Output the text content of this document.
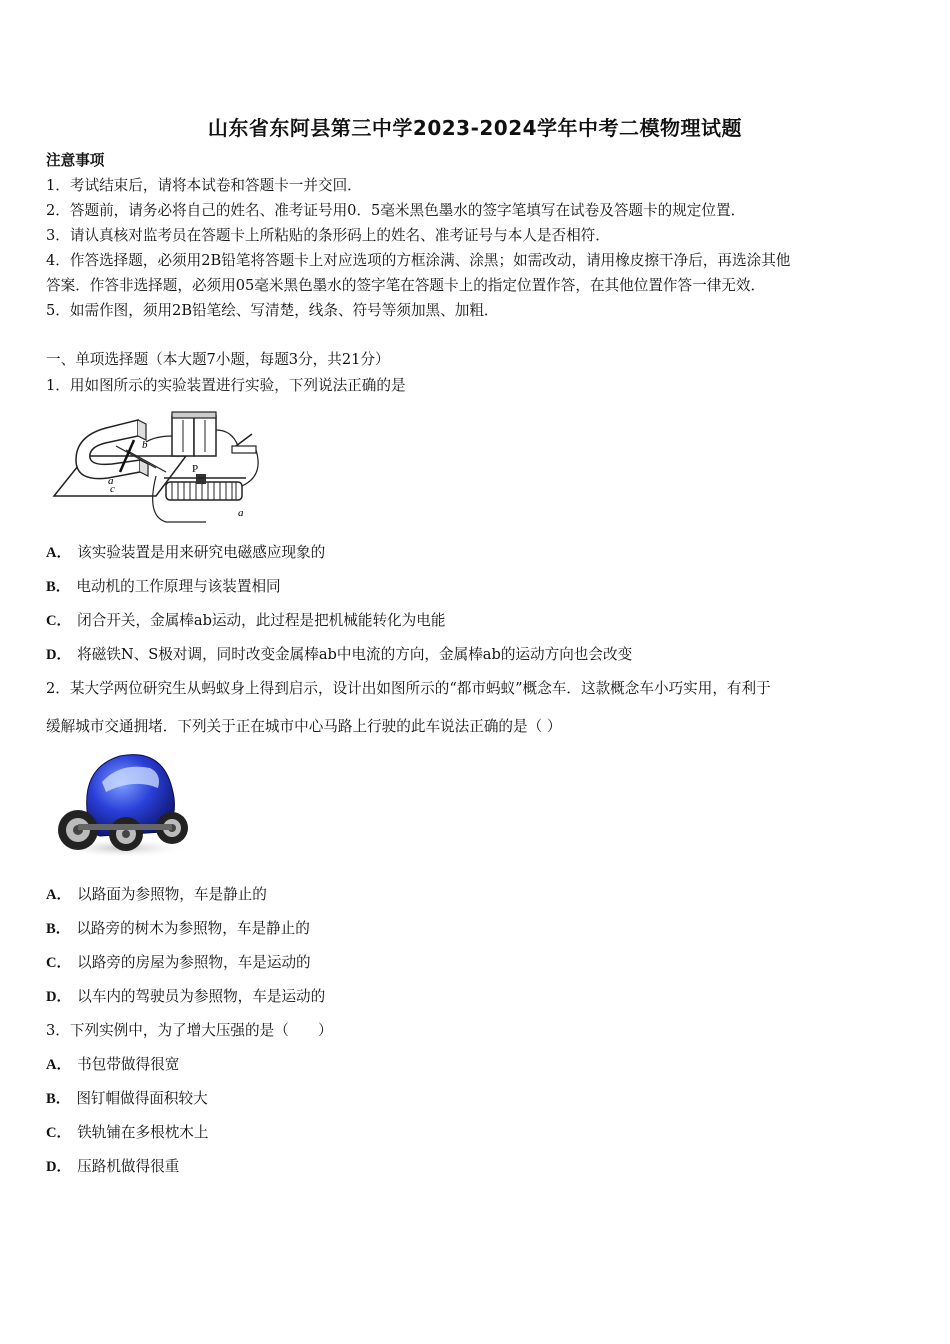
山东省东阿县第三中学2023-2024学年中考二模物理试题
注意事项
1．考试结束后，请将本试卷和答题卡一并交回．
2．答题前，请务必将自己的姓名、准考证号用0．5毫米黑色墨水的签字笔填写在试卷及答题卡的规定位置．
3．请认真核对监考员在答题卡上所粘贴的条形码上的姓名、准考证号与本人是否相符．
4．作答选择题，必须用2B铅笔将答题卡上对应选项的方框涂满、涂黑；如需改动，请用橡皮擦干净后，再选涂其他
答案．作答非选择题，必须用05毫米黑色墨水的签字笔在答题卡上的指定位置作答，在其他位置作答一律无效．
5．如需作图，须用2B铅笔绘、写清楚，线条、符号等须加黑、加粗．
一、单项选择题（本大题7小题，每题3分，共21分）
1．用如图所示的实验装置进行实验，下列说法正确的是
b
a
c
P
a
A． 该实验装置是用来研究电磁感应现象的
B． 电动机的工作原理与该装置相同
C． 闭合开关，金属棒ab运动，此过程是把机械能转化为电能
D． 将磁铁N、S极对调，同时改变金属棒ab中电流的方向，金属棒ab的运动方向也会改变
2．某大学两位研究生从蚂蚁身上得到启示，设计出如图所示的“都市蚂蚁”概念车．这款概念车小巧实用，有利于
缓解城市交通拥堵．下列关于正在城市中心马路上行驶的此车说法正确的是（ ）
A． 以路面为参照物，车是静止的
B． 以路旁的树木为参照物，车是静止的
C． 以路旁的房屋为参照物，车是运动的
D． 以车内的驾驶员为参照物，车是运动的
3．下列实例中，为了增大压强的是（　　）
A． 书包带做得很宽
B． 图钉帽做得面积较大
C． 铁轨铺在多根枕木上
D． 压路机做得很重
